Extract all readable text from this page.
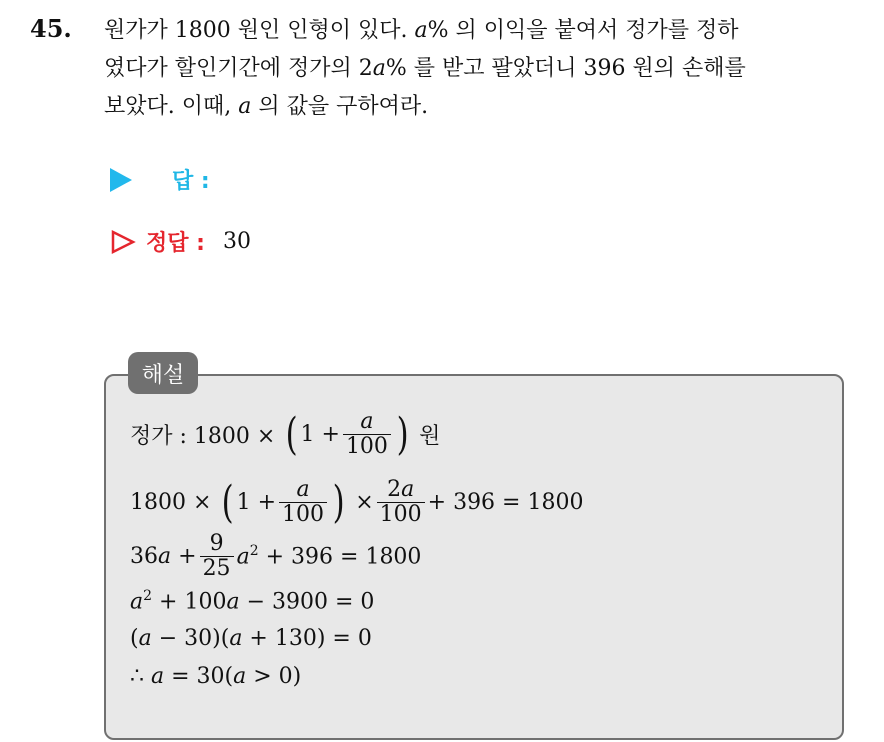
45. 원가가 1800 원인 인형이 있다. a% 의 이익을 붙여서 정가를 정하
였다가 할인기간에 정가의 2a% 를 받고 팔았더니 396 원의 손해를
보았다. 이때, a 의 값을 구하여라.
답 :
정답 : 30
해설
정가 : 1800 × ( $1 + \frac{a}{100}$ ) 원
1800 × ( $1 + \frac{a}{100}$ ) × $\frac{2a}{100} + 396 = 1800$
$36a + \frac{9}{25} a^2 + 396 = 1800$
$a^2 + 100a - 3900 = 0$
(a − 30)(a + 130) = 0
∴ a = 30(a > 0)
